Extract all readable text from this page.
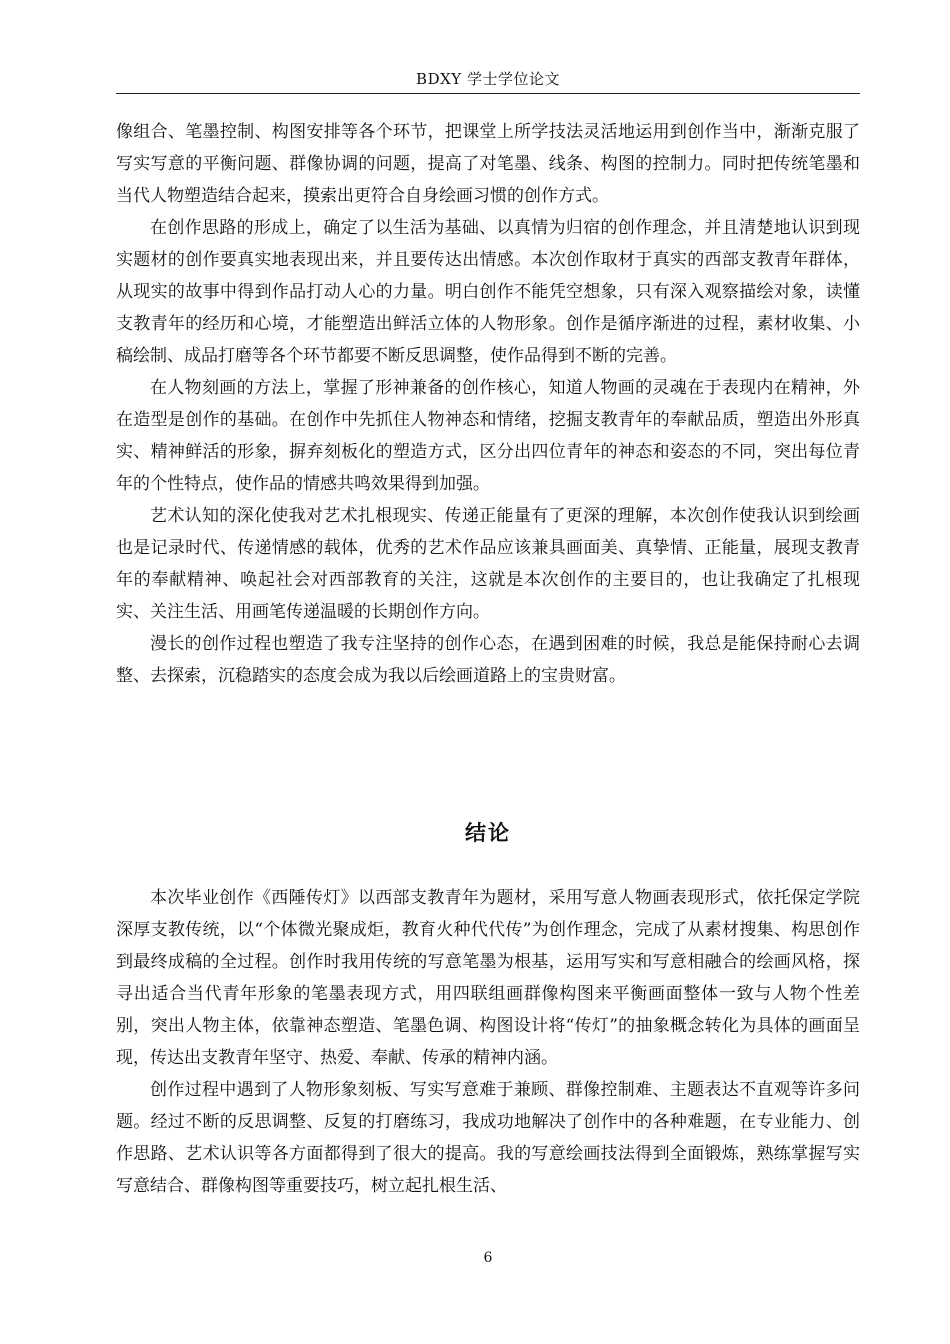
BDXY 学士学位论文

像组合、笔墨控制、构图安排等各个环节，把课堂上所学技法灵活地运用到创作当中，渐渐克服了写实写意的平衡问题、群像协调的问题，提高了对笔墨、线条、构图的控制力。同时把传统笔墨和当代人物塑造结合起来，摸索出更符合自身绘画习惯的创作方式。

在创作思路的形成上，确定了以生活为基础、以真情为归宿的创作理念，并且清楚地认识到现实题材的创作要真实地表现出来，并且要传达出情感。本次创作取材于真实的西部支教青年群体，从现实的故事中得到作品打动人心的力量。明白创作不能凭空想象，只有深入观察描绘对象，读懂支教青年的经历和心境，才能塑造出鲜活立体的人物形象。创作是循序渐进的过程，素材收集、小稿绘制、成品打磨等各个环节都要不断反思调整，使作品得到不断的完善。

在人物刻画的方法上，掌握了形神兼备的创作核心，知道人物画的灵魂在于表现内在精神，外在造型是创作的基础。在创作中先抓住人物神态和情绪，挖掘支教青年的奉献品质，塑造出外形真实、精神鲜活的形象，摒弃刻板化的塑造方式，区分出四位青年的神态和姿态的不同，突出每位青年的个性特点，使作品的情感共鸣效果得到加强。

艺术认知的深化使我对艺术扎根现实、传递正能量有了更深的理解，本次创作使我认识到绘画也是记录时代、传递情感的载体，优秀的艺术作品应该兼具画面美、真挚情、正能量，展现支教青年的奉献精神、唤起社会对西部教育的关注，这就是本次创作的主要目的，也让我确定了扎根现实、关注生活、用画笔传递温暖的长期创作方向。

漫长的创作过程也塑造了我专注坚持的创作心态，在遇到困难的时候，我总是能保持耐心去调整、去探索，沉稳踏实的态度会成为我以后绘画道路上的宝贵财富。

结论

本次毕业创作《西陲传灯》以西部支教青年为题材，采用写意人物画表现形式，依托保定学院深厚支教传统，以“个体微光聚成炬，教育火种代代传”为创作理念，完成了从素材搜集、构思创作到最终成稿的全过程。创作时我用传统的写意笔墨为根基，运用写实和写意相融合的绘画风格，探寻出适合当代青年形象的笔墨表现方式，用四联组画群像构图来平衡画面整体一致与人物个性差别，突出人物主体，依靠神态塑造、笔墨色调、构图设计将“传灯”的抽象概念转化为具体的画面呈现，传达出支教青年坚守、热爱、奉献、传承的精神内涵。

创作过程中遇到了人物形象刻板、写实写意难于兼顾、群像控制难、主题表达不直观等许多问题。经过不断的反思调整、反复的打磨练习，我成功地解决了创作中的各种难题，在专业能力、创作思路、艺术认识等各方面都得到了很大的提高。我的写意绘画技法得到全面锻炼，熟练掌握写实写意结合、群像构图等重要技巧，树立起扎根生活、

6
